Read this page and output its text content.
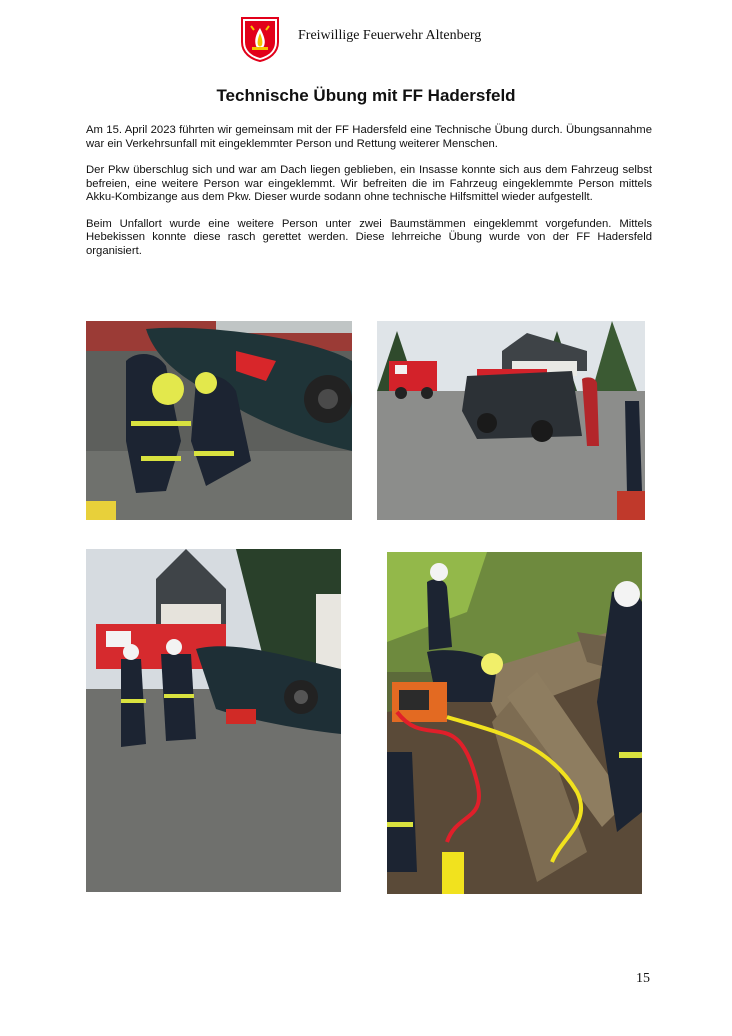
Freiwillige Feuerwehr Altenberg
Technische Übung mit FF Hadersfeld

Am 15. April 2023 führten wir gemeinsam mit der FF Hadersfeld eine Technische Übung durch. Übungsannahme war ein Verkehrsunfall mit eingeklemmter Person und Rettung weiterer Menschen.

Der Pkw überschlug sich und war am Dach liegen geblieben, ein Insasse konnte sich aus dem Fahrzeug selbst befreien, eine weitere Person war eingeklemmt. Wir befreiten die im Fahrzeug eingeklemmte Person mittels Akku-Kombizange aus dem Pkw. Dieser wurde sodann ohne technische Hilfsmittel wieder aufgestellt.

Beim Unfallort wurde eine weitere Person unter zwei Baumstämmen eingeklemmt vorgefunden. Mittels Hebekissen konnte diese rasch gerettet werden. Diese lehrreiche Übung wurde von der FF Hadersfeld organisiert.

15
